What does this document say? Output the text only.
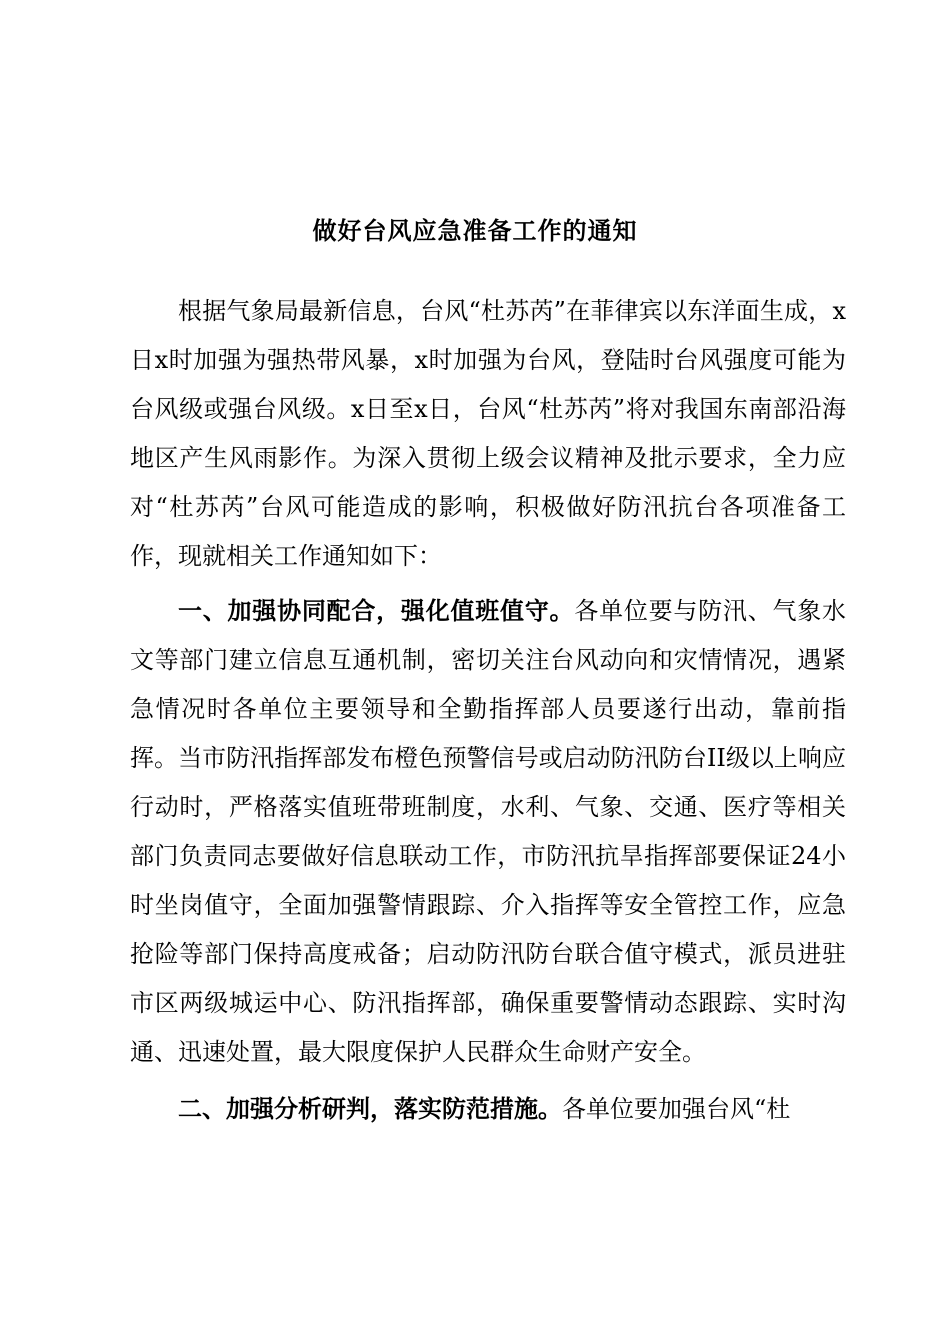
做好台风应急准备工作的通知

根据气象局最新信息，台风“杜苏芮”在菲律宾以东洋面生成，x日x时加强为强热带风暴，x时加强为台风，登陆时台风强度可能为台风级或强台风级。x日至x日，台风“杜苏芮”将对我国东南部沿海地区产生风雨影作。为深入贯彻上级会议精神及批示要求，全力应对“杜苏芮”台风可能造成的影响，积极做好防汛抗台各项准备工作，现就相关工作通知如下：

一、加强协同配合，强化值班值守。各单位要与防汛、气象水文等部门建立信息互通机制，密切关注台风动向和灾情情况，遇紧急情况时各单位主要领导和全勤指挥部人员要遂行出动，靠前指挥。当市防汛指挥部发布橙色预警信号或启动防汛防台II级以上响应行动时，严格落实值班带班制度，水利、气象、交通、医疗等相关部门负责同志要做好信息联动工作，市防汛抗旱指挥部要保证24小时坐岗值守，全面加强警情跟踪、介入指挥等安全管控工作，应急抢险等部门保持高度戒备；启动防汛防台联合值守模式，派员进驻市区两级城运中心、防汛指挥部，确保重要警情动态跟踪、实时沟通、迅速处置，最大限度保护人民群众生命财产安全。

二、加强分析研判，落实防范措施。各单位要加强台风“杜
